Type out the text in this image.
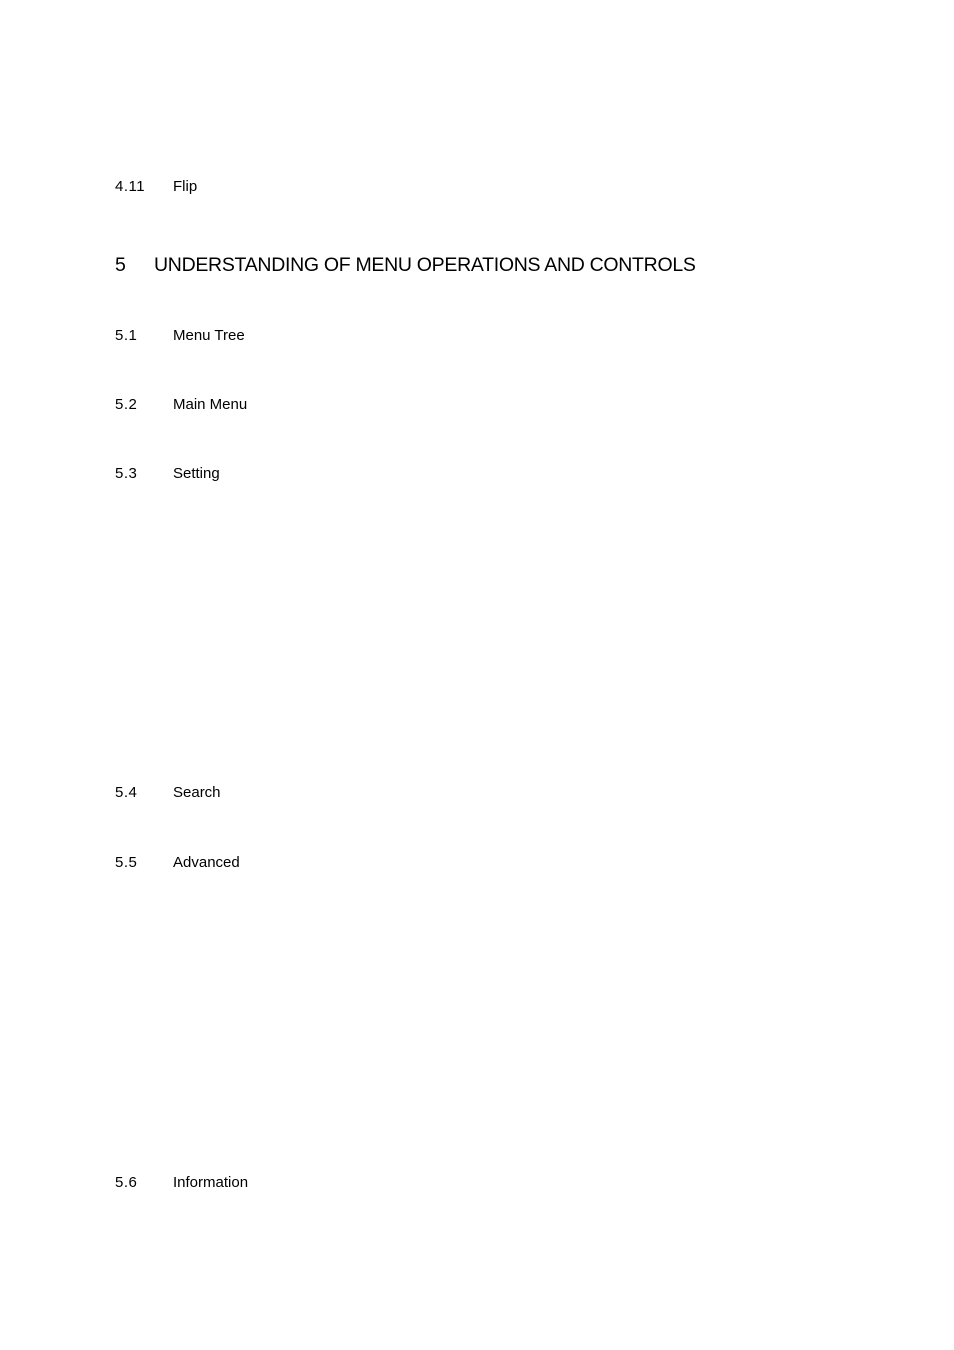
4.11 Flip
5 UNDERSTANDING OF MENU OPERATIONS AND CONTROLS
5.1 Menu Tree
5.2 Main Menu
5.3 Setting
5.4 Search
5.5 Advanced
5.6 Information
